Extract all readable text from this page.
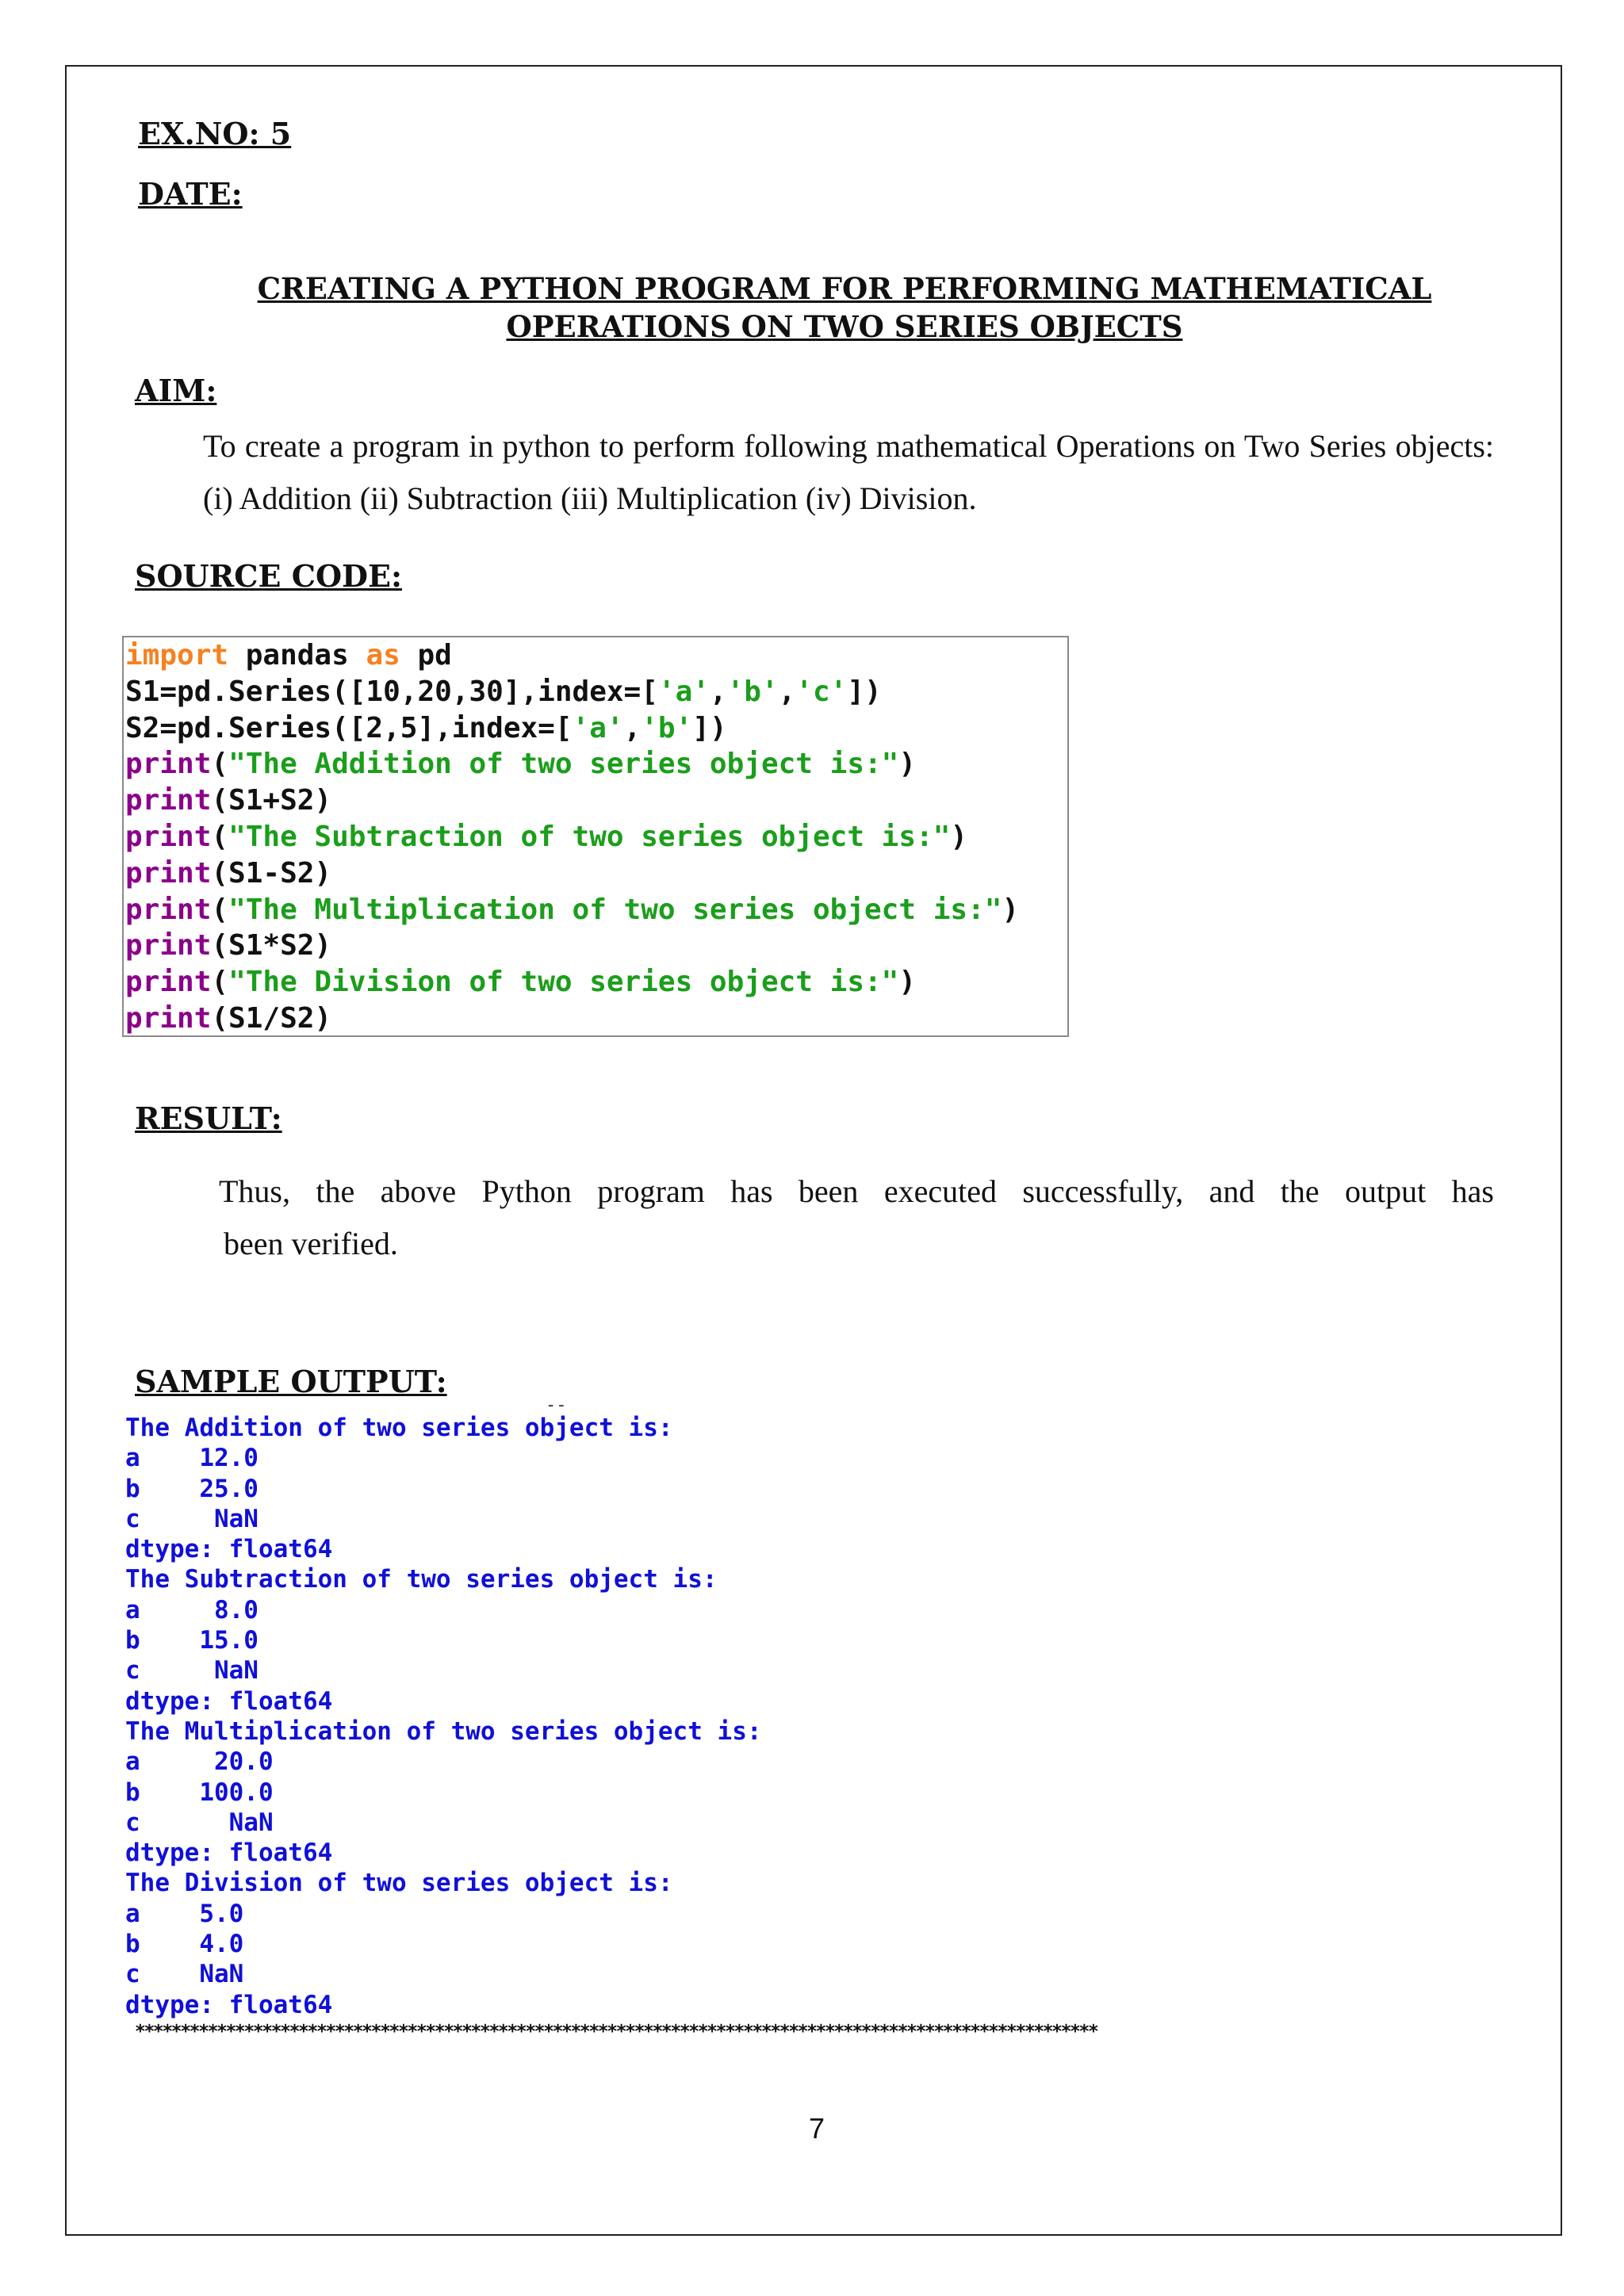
EX.NO: 5
DATE:
CREATING A PYTHON PROGRAM FOR PERFORMING MATHEMATICAL
OPERATIONS ON TWO SERIES OBJECTS
AIM:
To create a program in python to perform following mathematical Operations on Two Series objects: (i) Addition (ii) Subtraction (iii) Multiplication (iv) Division.
SOURCE CODE:
import pandas as pd
S1=pd.Series([10,20,30],index=['a','b','c'])
S2=pd.Series([2,5],index=['a','b'])
print("The Addition of two series object is:")
print(S1+S2)
print("The Subtraction of two series object is:")
print(S1-S2)
print("The Multiplication of two series object is:")
print(S1*S2)
print("The Division of two series object is:")
print(S1/S2)
RESULT:
Thus, the above Python program has been executed successfully, and the output has
been verified.
SAMPLE OUTPUT:
--
The Addition of two series object is:
a    12.0
b    25.0
c     NaN
dtype: float64
The Subtraction of two series object is:
a     8.0
b    15.0
c     NaN
dtype: float64
The Multiplication of two series object is:
a     20.0
b    100.0
c      NaN
dtype: float64
The Division of two series object is:
a    5.0
b    4.0
c    NaN
dtype: float64
**********************************************************************************************************
7
